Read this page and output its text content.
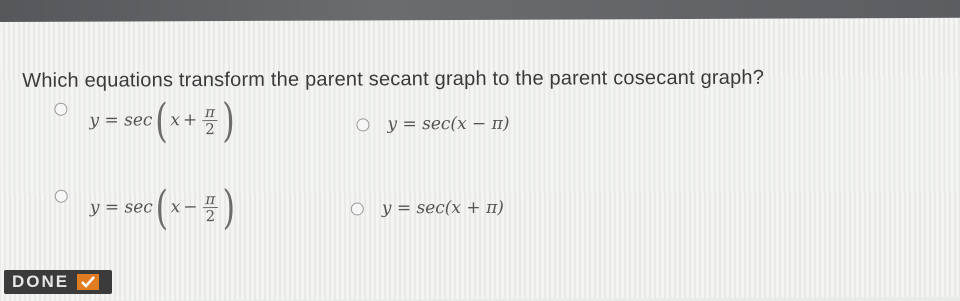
Which equations transform the parent secant graph to the parent cosecant graph?
y = sec ( $x + \frac{\pi}{2}$ )	y = sec(x − π)
y = sec ( $x - \frac{\pi}{2}$ )	y = sec(x + π)
DONE
